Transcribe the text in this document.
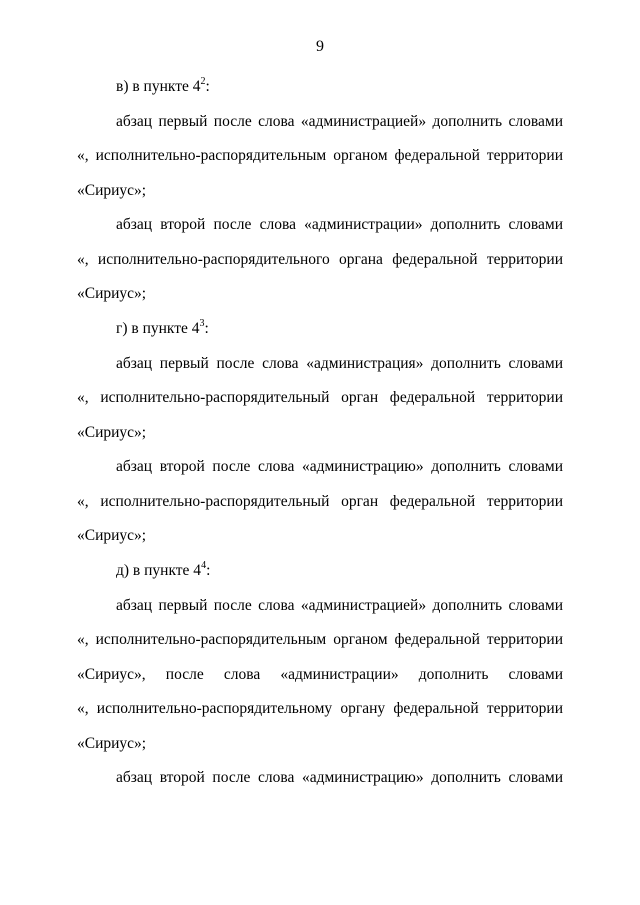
9
в) в пункте $4^2$:
абзац первый после слова «администрацией» дополнить словами
«, исполнительно-распорядительным органом федеральной территории
«Сириус»;
абзац второй после слова «администрации» дополнить словами
«, исполнительно-распорядительного органа федеральной территории
«Сириус»;
г) в пункте $4^3$:
абзац первый после слова «администрация» дополнить словами
«, исполнительно-распорядительный орган федеральной территории
«Сириус»;
абзац второй после слова «администрацию» дополнить словами
«, исполнительно-распорядительный орган федеральной территории
«Сириус»;
д) в пункте $4^4$:
абзац первый после слова «администрацией» дополнить словами
«, исполнительно-распорядительным органом федеральной территории
«Сириус», после слова «администрации» дополнить словами
«, исполнительно-распорядительному органу федеральной территории
«Сириус»;
абзац второй после слова «администрацию» дополнить словами
